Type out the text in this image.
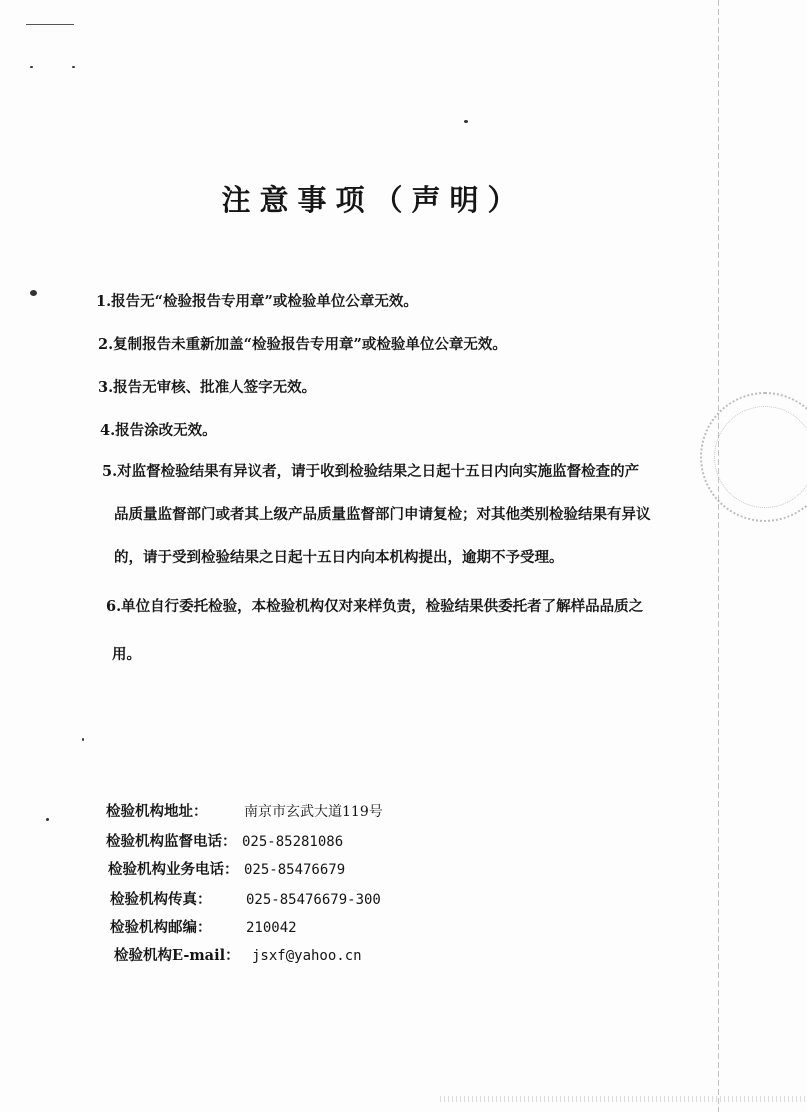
注意事项（声明）

1.报告无“检验报告专用章”或检验单位公章无效。

2.复制报告未重新加盖“检验报告专用章”或检验单位公章无效。

3.报告无审核、批准人签字无效。

4.报告涂改无效。

5.对监督检验结果有异议者，请于收到检验结果之日起十五日内向实施监督检查的产
品质量监督部门或者其上级产品质量监督部门申请复检；对其他类别检验结果有异议
的，请于受到检验结果之日起十五日内向本机构提出，逾期不予受理。

6.单位自行委托检验，本检验机构仅对来样负责，检验结果供委托者了解样品品质之
用。

检验机构地址：	南京市玄武大道119号
检验机构监督电话： 025-85281086
检验机构业务电话： 025-85476679
检验机构传真： 025-85476679-300
检验机构邮编： 210042
检验机构E-mail： jsxf@yahoo.cn
